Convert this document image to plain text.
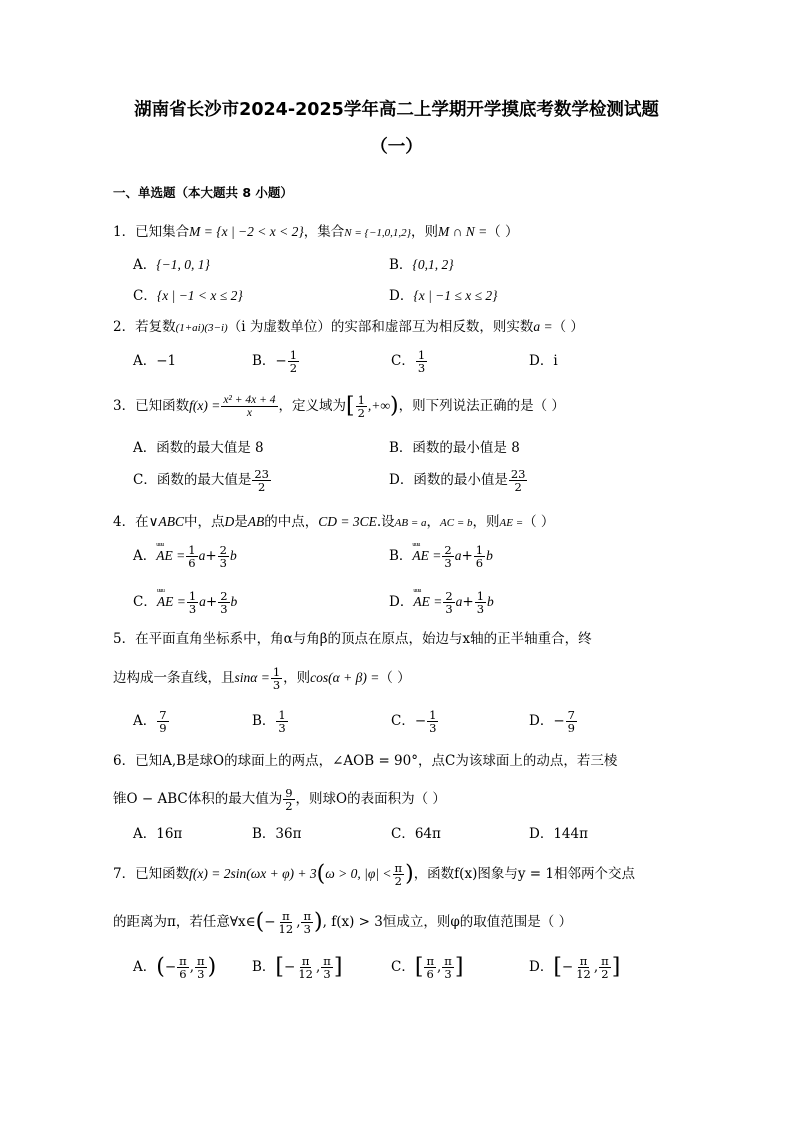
湖南省长沙市2024-2025学年高二上学期开学摸底考数学检测试题
（一）
一、单选题（本大题共 8 小题）
1．已知集合M = {x | −2 < x < 2}，集合N = {−1,0,1,2}，则M ∩ N =（ ）
A．{−1, 0, 1}	B．{0,1, 2}
C．{x | −1 < x ≤ 2}	D．{x | −1 ≤ x ≤ 2}
2．若复数(1+ai)(3−i)（i 为虚数单位）的实部和虚部互为相反数，则实数a =（ ）
A．−1	B．− $\frac{1}{2}$	C． $\frac{1}{3}$	D．i
3．已知函数$f(x) = \frac{\text{x² + 4x + 4}}{x}$ ，定义域为[ $\frac{1}{2}$ ,+∞)，则下列说法正确的是（ ）
A．函数的最大值是 8	B．函数的最小值是 8
C．函数的最大值是 $\frac{23}{2}$	D．函数的最小值是 $\frac{23}{2}$
4．在∨ABC中，点D是AB的中点，CD = 3CE.设AB = a，AC = b，则AE =（ ）
A．uuu AE = $\frac{1}{6} a+ \frac{2}{3}$ b	B．uuu AE = $\frac{2}{3} a+ \frac{1}{6}$ b
C．uuu AE = $\frac{1}{3} a+ \frac{2}{3}$ b	D．uuu AE = $\frac{2}{3} a+ \frac{1}{3}$ b
5．在平面直角坐标系中，角α与角β的顶点在原点，始边与x轴的正半轴重合，终
边构成一条直线，且$\sin\alpha = \frac{1}{3}$ ，则cos(α + β) =（ ）
A． $\frac{7}{9}$	B． $\frac{1}{3}$	C．− $\frac{1}{3}$	D．− $\frac{7}{9}$
6．已知A,B是球O的球面上的两点，∠AOB = 90°，点C为该球面上的动点，若三棱
锥O − ABC体积的最大值为 $\frac{9}{2}$ ，则球O的表面积为（ ）
A．16π	B．36π	C．64π	D．144π
7．已知函数f(x) = 2sin(ωx + φ) + 3(ω > 0, $|\varphi| < \frac{\pi}{2}$ )，函数f(x)图象与y = 1相邻两个交点
的距离为π，若任意∀x∈(− $\frac{\pi}{12}$ , $\frac{\pi}{3}$ ), f(x) > 3恒成立，则φ的取值范围是（ ）
A．(− $\frac{\pi}{6}$ , $\frac{\pi}{3}$ )	B．[− $\frac{\pi}{12}$ , $\frac{\pi}{3}$ ]	C．[ $\frac{\pi}{6}$ , $\frac{\pi}{3}$ ]	D．[− $\frac{\pi}{12}$ , $\frac{\pi}{2}$ ]
